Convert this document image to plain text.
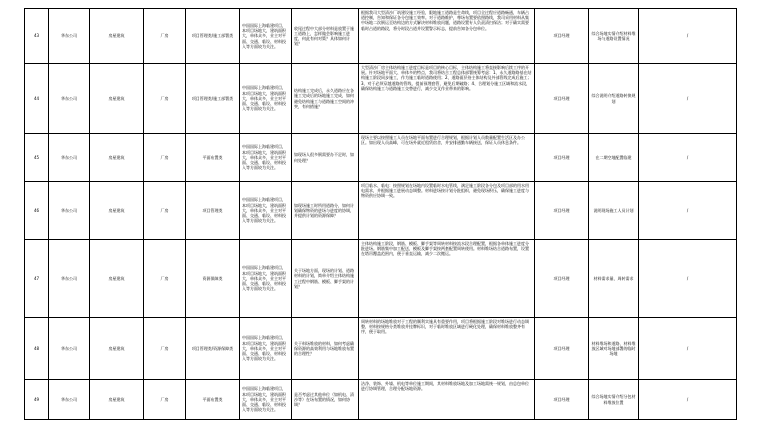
43	华东公司	房屋建筑	厂房	项目管理类/施工部署类	中国国际上海临建项目，本项目场地大，建筑面积大，单体众多，业主对平面、交通、临设、材料投入等方面较为关注。	收尾过程中大部分材料是放置于施工道路上，怎样做会影响施工进度，何此有何对策？具体如何计划？	根据我司大型清沙厂筑建设施工经验，限地施工道路是生命线，项目全过程应道路畅通，车辆占道控制，告知和保证各分包施工效率。对于道路维护，尊场布置要依照路线，我司采用材料从集中场地二次倒运至结构边的方式解决材料堆放问题，道路设置专人负责清扫保洁；对于确实需要临时占道的路段，将分时段占道并设置警示标志，提前告知各分包单位。	项目经理	综合场地实情介绍材料堆场与道路设置情况	/
44	华东公司	房屋建筑	厂房	项目管理类/施工部署类	中国国际上海临建项目，本项目场地大，建筑面积大，单体众多，业主对平面、交通、临设、材料投入等方面较为关注。	结构施工完成后，永久道路应在各施工完成后的场地施工完成，如何避免结构施工与道路施工空间的冲突，有何措施？	大型清沙厂房主体结构施工进度目标是项目的核心目标，主体结构施工将直接影响后续工序的开展。针对场地平面大、单体多的特点，我司将结合工程总体部署统筹考虑：1、永久道路路基在结构施工阶段同步施工，作为施工临时道路使用；2、道路面层待主体结构及外部管线完成后施工；3、对于必须穿越道路的管线，提前预埋套管，避免后期破路；4、合理划分施工区域和流水段，确保结构施工与道路施工交替进行，减少交叉作业带来的影响。	项目经理	综合说明介绍道路转换规划	/
45	华东公司	房屋建筑	厂房	平面布置类	中国国际上海临建项目，本项目场地大，建筑面积大，单体众多，业主对平面、交通、临设、材料投入等方面较为关注。	如现场人很多倒需要办不足时，如何处理？	现场主要以按照施工人员在场地平面布置进行合理规划，根据计划人员数量配置生活区及办公区。如出现人员高峰，可在场外就近租赁宿舍，并安排通勤车辆接送，保证人员休息条件。	项目经理	在二期空地配置临建	/
46	华东公司	房屋建筑	厂房	项目管理类	中国国际上海临建项目，本项目场地大，建筑面积大，单体众多，业主对平面、交通、临设、材料投入等方面较为关注。	如现场施工时所用道路分，如何计划确保物资的进场与进度的协调，并提供计划的资源保障？	项目临水、临电：按照规划在场地内设置临时水电管线，满足施工阶段各分包及项目部的用水用电需求，并根据施工进展动态调整。材料进场按计划分批组织，避免现场积压，确保施工进度与物资供应协调一致。	项目经理	说明现场施工人员计划	/
47	华东公司	房屋建筑	厂房	资源保障类	中国国际上海临建项目，本项目场地大，建筑面积大，单体众多，业主对平面、交通、临设、材料投入等方面较为关注。	关于场地方面，现场的计划、道路材料的计划，简单介绍主体结构施工过程中钢筋、模板、脚手架的计划？	主体结构施工阶段，钢筋、模板、脚手架等周转材料按流水段合理配置，根据各单体施工进度分批进场。钢筋集中加工配送，模板及脚手架按两套配置周转使用。材料堆场结合道路布置，设置在塔吊覆盖范围内，便于垂直运输，减少二次搬运。	项目经理	材料需求量、周转需求	/
48	华东公司	房屋建筑	厂房	项目管理类/资源保障类	中国国际上海临建项目，本项目场地大，建筑面积大，单体众多，业主对平面、交通、临设、材料投入等方面较为关注。	关于料场堆放的材料，如何考虑确保资源的高效利用与场地堆放布置的合理性？	周转材料的场地堆放对于工程的顺利实施具有重要作用，项目将根据施工阶段对堆场进行动态调整，材料按规格分类堆放并挂牌标识，对于临时堆放区域进行硬化处理，确保材料堆放整齐有序，便于取用。	项目经理	材料堆场和道路、材料堆放区域对场地部署的临时场地	/
49	华东公司	房屋建筑	厂房	平面布置类	中国国际上海临建项目，本项目场地大，建筑面积大，单体众多，业主对平面、交通、临设、材料投入等方面较为关注。	是否考虑过其他单位（如机电、清沙等）在场布置的情况，如何协调？	洁净、装饰、外墙、机电等单位施工期间，其材料堆放场地及加工场地需统一规划，由总包单位进行协调管理，合理分配场地资源。	项目经理	综合场地实情介绍分包材料堆放位置	/
